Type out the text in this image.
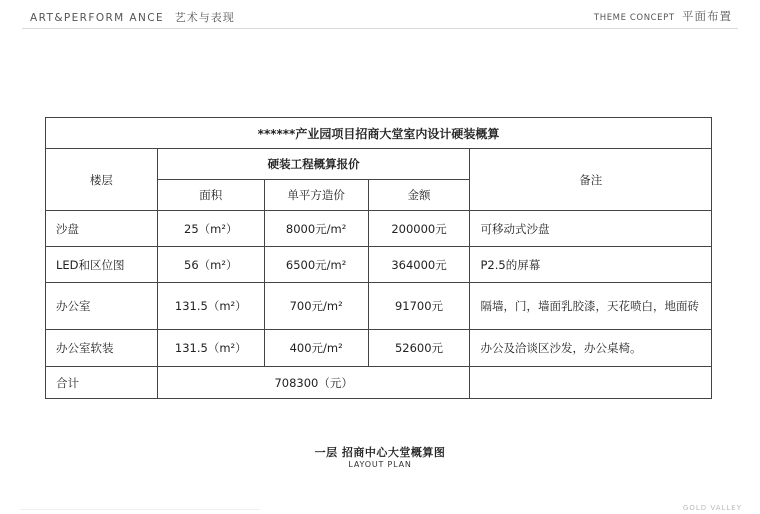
ART&PERFORM ANCE 艺术与表现	THEME CONCEPT 平面布置
******产业园项目招商大堂室内设计硬装概算				
楼层	硬装工程概算报价			备注
	面积	单平方造价	金额	
沙盘	25（m²）	8000元/m²	200000元	可移动式沙盘
LED和区位图	56（m²）	6500元/m²	364000元	P2.5的屏幕
办公室	131.5（m²）	700元/m²	91700元	隔墙，门，墙面乳胶漆，天花喷白，地面砖
办公室软装	131.5（m²）	400元/m²	52600元	办公及洽谈区沙发，办公桌椅。
合计	708300（元）			
一层 招商中心大堂概算图
LAYOUT PLAN
GOLD VALLEY
